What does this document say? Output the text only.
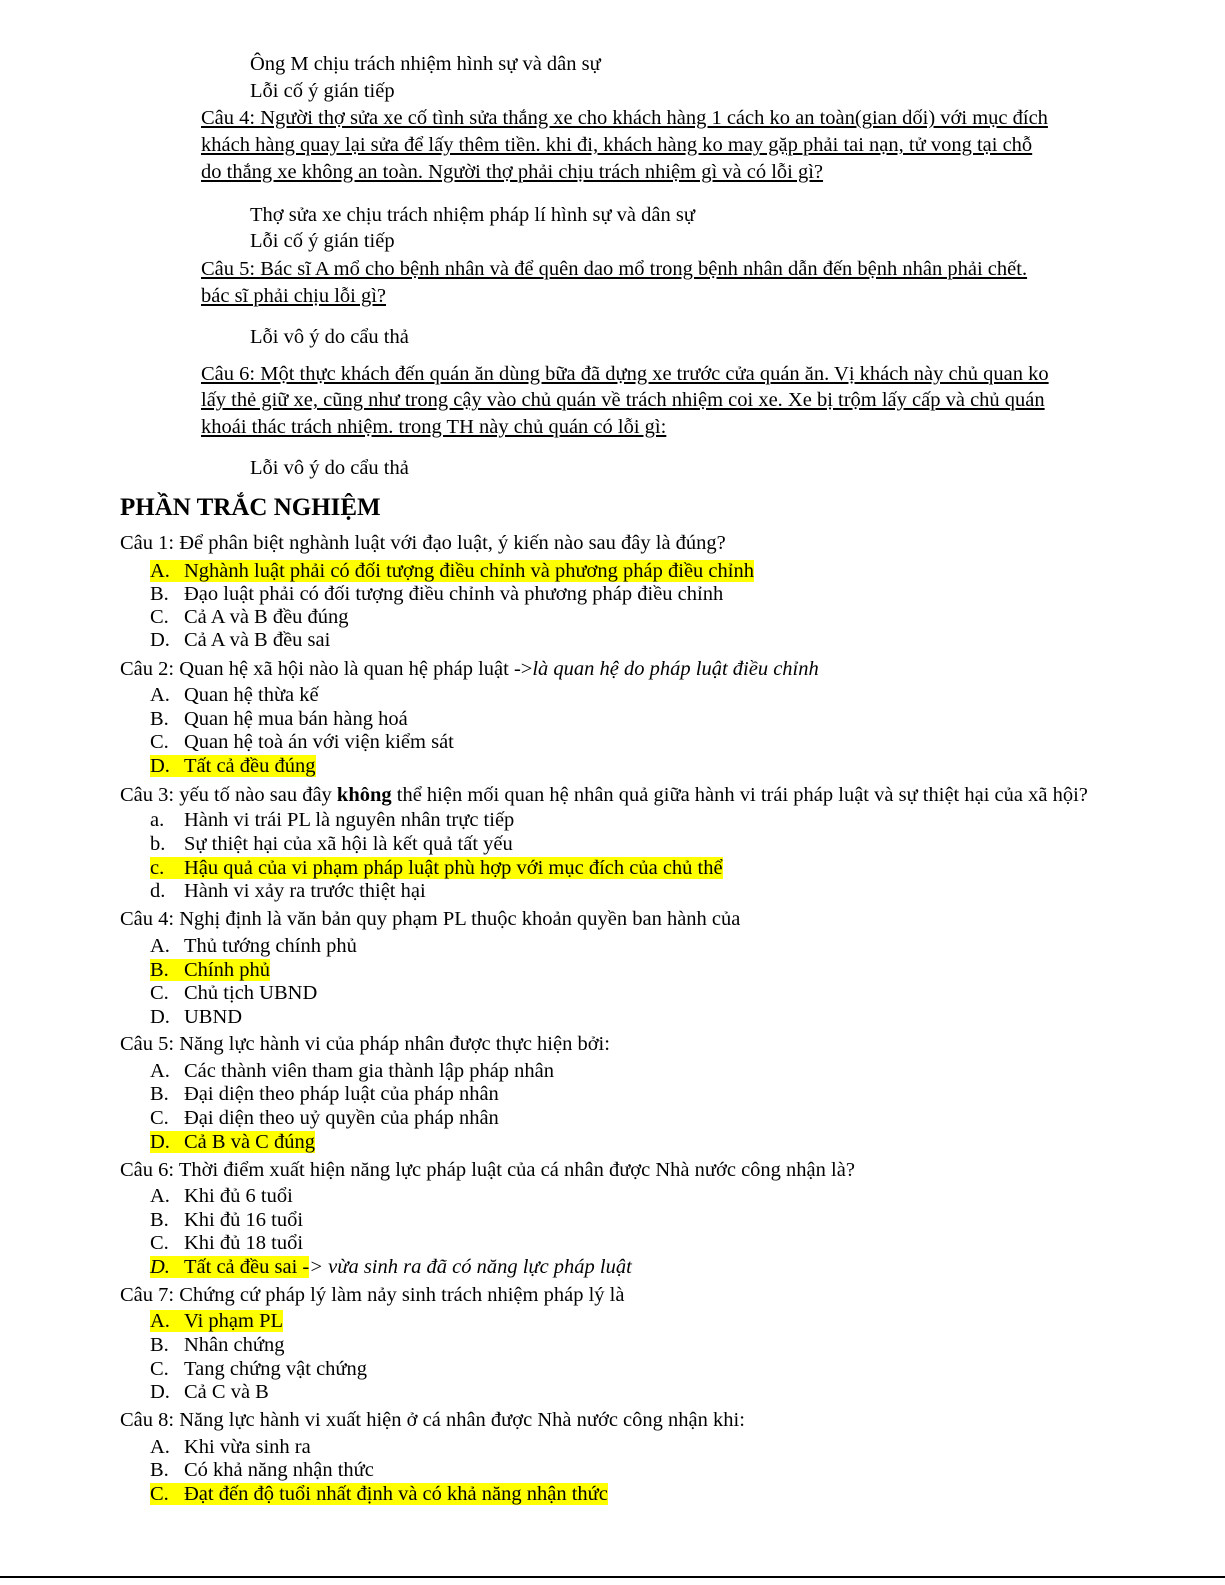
Ông M chịu trách nhiệm hình sự và dân sự
Lỗi cố ý gián tiếp
Câu 4: Người thợ sửa xe cố tình sửa thắng xe cho khách hàng 1 cách ko an toàn(gian dối) với mục đích
khách hàng quay lại sửa để lấy thêm tiền. khi đi, khách hàng ko may gặp phải tai nạn, tử vong tại chỗ
do thắng xe không an toàn. Người thợ phải chịu trách nhiệm gì và có lỗi gì?
Thợ sửa xe chịu trách nhiệm pháp lí hình sự và dân sự
Lỗi cố ý gián tiếp
Câu 5: Bác sĩ A mổ cho bệnh nhân và để quên dao mổ trong bệnh nhân dẫn đến bệnh nhân phải chết.
bác sĩ phải chịu lỗi gì?
Lỗi vô ý do cẩu thả
Câu 6: Một thực khách đến quán ăn dùng bữa đã dựng xe trước cửa quán ăn. Vị khách này chủ quan ko
lấy thẻ giữ xe, cũng như trong cậy vào chủ quán về trách nhiệm coi xe. Xe bị trộm lấy cấp và chủ quán
khoái thác trách nhiệm. trong TH này chủ quán có lỗi gì:
Lỗi vô ý do cẩu thả
PHẦN TRẮC NGHIỆM
Câu 1: Để phân biệt nghành luật với đạo luật, ý kiến nào sau đây là đúng?
A. Nghành luật phải có đối tượng điều chỉnh và phương pháp điều chỉnh
B. Đạo luật phải có đối tượng điều chỉnh và phương pháp điều chỉnh
C. Cả A và B đều đúng
D. Cả A và B đều sai
Câu 2: Quan hệ xã hội nào là quan hệ pháp luật ->là quan hệ do pháp luật điều chỉnh
A. Quan hệ thừa kế
B. Quan hệ mua bán hàng hoá
C. Quan hệ toà án với viện kiểm sát
D. Tất cả đều đúng
Câu 3: yếu tố nào sau đây không thể hiện mối quan hệ nhân quả giữa hành vi trái pháp luật và sự thiệt hại của xã hội?
a. Hành vi trái PL là nguyên nhân trực tiếp
b. Sự thiệt hại của xã hội là kết quả tất yếu
c. Hậu quả của vi phạm pháp luật phù hợp với mục đích của chủ thể
d. Hành vi xảy ra trước thiệt hại
Câu 4: Nghị định là văn bản quy phạm PL thuộc khoản quyền ban hành của
A. Thủ tướng chính phủ
B. Chính phủ
C. Chủ tịch UBND
D. UBND
Câu 5: Năng lực hành vi của pháp nhân được thực hiện bởi:
A. Các thành viên tham gia thành lập pháp nhân
B. Đại diện theo pháp luật của pháp nhân
C. Đại diện theo uỷ quyền của pháp nhân
D. Cả B và C đúng
Câu 6: Thời điểm xuất hiện năng lực pháp luật của cá nhân được Nhà nước công nhận là?
A. Khi đủ 6 tuổi
B. Khi đủ 16 tuổi
C. Khi đủ 18 tuổi
D. Tất cả đều sai -> vừa sinh ra đã có năng lực pháp luật
Câu 7: Chứng cứ pháp lý làm nảy sinh trách nhiệm pháp lý là
A. Vi phạm PL
B. Nhân chứng
C. Tang chứng vật chứng
D. Cả C và B
Câu 8: Năng lực hành vi xuất hiện ở cá nhân được Nhà nước công nhận khi:
A. Khi vừa sinh ra
B. Có khả năng nhận thức
C. Đạt đến độ tuổi nhất định và có khả năng nhận thức
